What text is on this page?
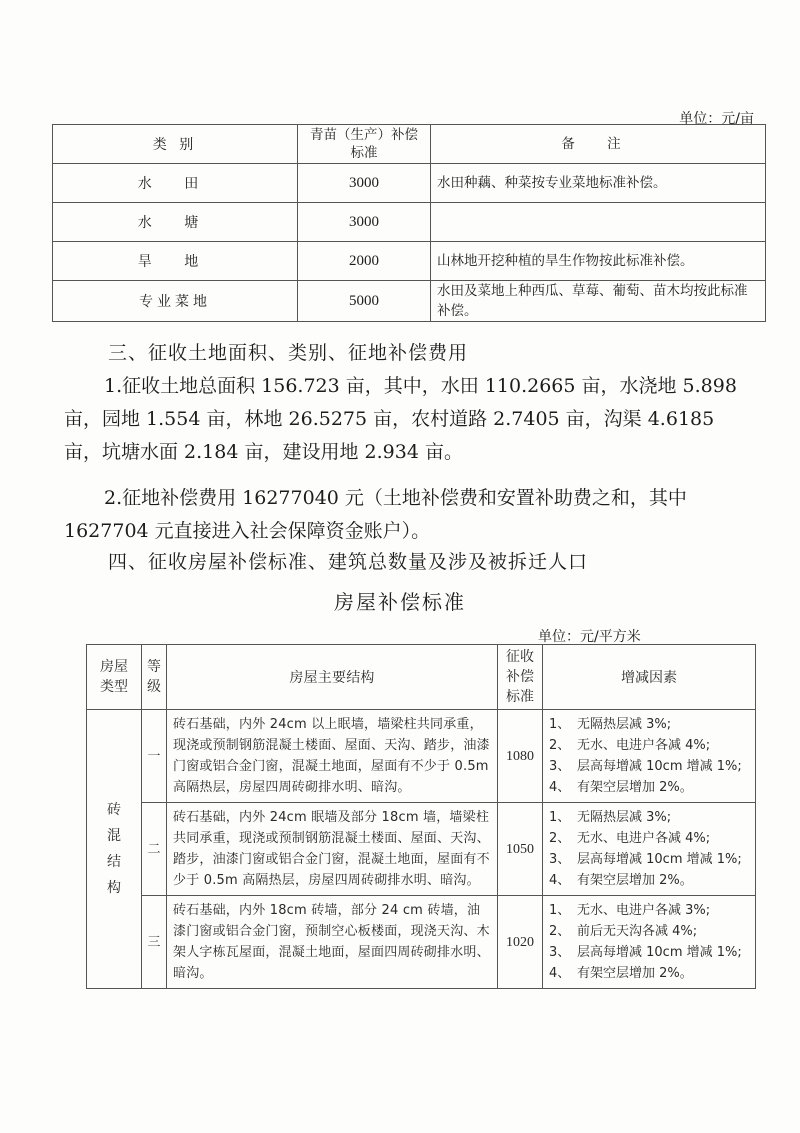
单位：元/亩
类 别	青苗（生产）补偿标准	备 注
水 田	3000	水田种藕、种菜按专业菜地标准补偿。
水 塘	3000	
旱 地	2000	山林地开挖种植的旱生作物按此标准补偿。
专业菜地	5000	水田及菜地上种西瓜、草莓、葡萄、苗木均按此标准补偿。
三、征收土地面积、类别、征地补偿费用
1.征收土地总面积 156.723 亩，其中，水田 110.2665 亩，水浇地 5.898 亩，园地 1.554 亩，林地 26.5275 亩，农村道路 2.7405 亩，沟渠 4.6185 亩，坑塘水面 2.184 亩，建设用地 2.934 亩。
2.征地补偿费用 16277040 元（土地补偿费和安置补助费之和，其中 1627704 元直接进入社会保障资金账户）。
四、征收房屋补偿标准、建筑总数量及涉及被拆迁人口
房屋补偿标准
单位：元/平方米
房屋类型	等级	房屋主要结构	征收补偿标准	增减因素
砖混结构	一	砖石基础，内外 24cm 以上眠墙，墙梁柱共同承重，现浇或预制钢筋混凝土楼面、屋面、天沟、踏步，油漆门窗或铝合金门窗，混凝土地面，屋面有不少于 0.5m 高隔热层，房屋四周砖砌排水明、暗沟。	1080	1、 无隔热层减 3%;
2、 无水、电进户各减 4%;
3、 层高每增减 10cm 增减 1%;
4、 有架空层增加 2%。

	二	砖石基础，内外 24cm 眠墙及部分 18cm 墙，墙梁柱共同承重，现浇或预制钢筋混凝土楼面、屋面、天沟、踏步，油漆门窗或铝合金门窗，混凝土地面，屋面有不少于 0.5m 高隔热层，房屋四周砖砌排水明、暗沟。	1050	1、 无隔热层减 3%;
2、 无水、电进户各减 4%;
3、 层高每增减 10cm 增减 1%;
4、 有架空层增加 2%。

	三	砖石基础，内外 18cm 砖墙，部分 24 cm 砖墙，油漆门窗或铝合金门窗，预制空心板楼面，现浇天沟、木架人字栋瓦屋面，混凝土地面，屋面四周砖砌排水明、暗沟。	1020	1、 无水、电进户各减 3%;
2、 前后无天沟各减 4%;
3、 层高每增减 10cm 增减 1%;
4、 有架空层增加 2%。
